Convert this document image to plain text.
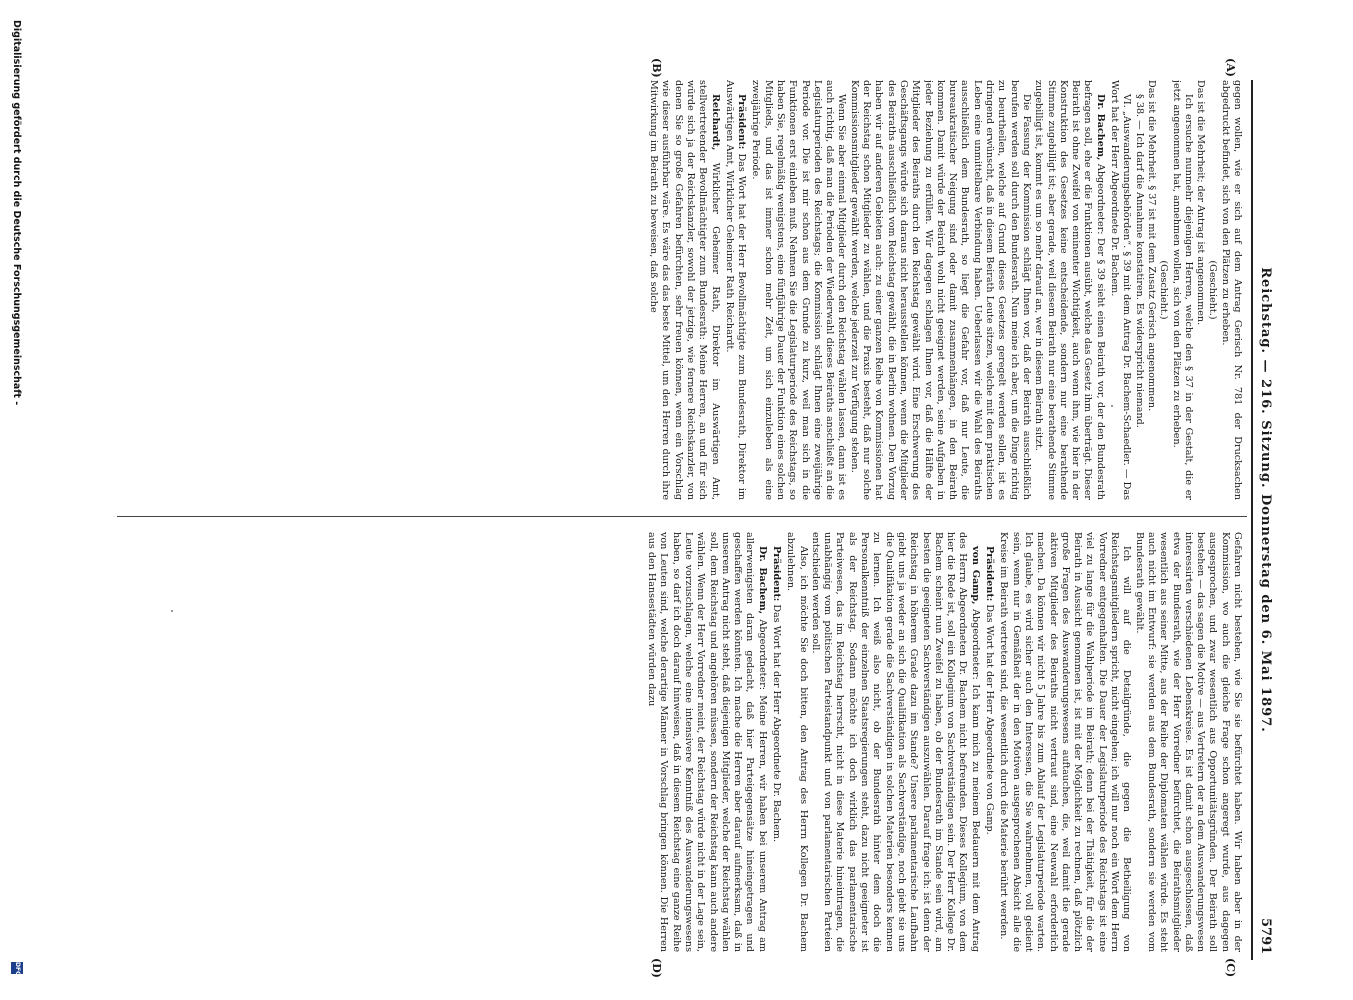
Reichstag. — 216. Sitzung. Donnerstag den 6. Mai 1897.
5791
(A)
(B)
(C)
(D)

gegen wollen, wie er sich auf dem Antrag Gerisch Nr. 781 der Drucksachen abgedruckt befindet, sich von den Plätzen zu erheben.

(Geschieht.)

Das ist die Mehrheit; der Antrag ist angenommen.

Ich ersuche nunmehr diejenigen Herren, welche den § 37 in der Gestalt, die er jetzt angenommen hat, annehmen wollen, sich von den Plätzen zu erheben.

(Geschieht.)

Das ist die Mehrheit. § 37 ist mit dem Zusatz Gerisch angenommen.

§ 38. — Ich darf die Annahme konstatiren. Es widerspricht niemand.

VI. „Auswanderungsbehörden“. § 39 mit dem Antrag Dr. Bachem-Schaedler. — Das Wort hat der Herr Abgeordnete Dr. Bachem.

Dr. Bachem, Abgeordneter: Der § 39 sieht einen Beirath vor, der den Bundesrath befragen soll, ehe er die Funktionen ausübt, welche das Gesetz ihm überträgt. Dieser Beirath ist ohne Zweifel von eminenter Wichtigkeit, auch wenn ihm, wie hier in der Konstruktion des Gesetzes keine entscheidende, sondern nur eine berathende Stimme zugebilligt ist; aber gerade, weil diesem Beirath nur eine berathende Stimme zugebilligt ist, kommt es um so mehr darauf an, wer in diesem Beirath sitzt.

Die Fassung der Kommission schlägt Ihnen vor, daß der Beirath ausschließlich berufen werden soll durch den Bundesrath. Nun meine ich aber, um die Dinge richtig zu beurtheilen, welche auf Grund dieses Gesetzes geregelt werden sollen, ist es dringend erwünscht, daß in diesem Beirath Leute sitzen, welche mit dem praktischen Leben eine unmittelbare Verbindung haben. Ueberlassen wir die Wahl des Beiraths ausschließlich dem Bundesrath, so liegt die Gefahr vor, daß nur Leute, die bureaukratischer Neigung sind oder damit zusammenhängen, in den Beirath kommen. Damit würde der Beirath wohl nicht geeignet werden, seine Aufgaben in jeder Beziehung zu erfüllen. Wir dagegen schlagen Ihnen vor, daß die Hälfte der Mitglieder des Beiraths durch den Reichstag gewählt wird. Eine Erschwerung des Geschäftsgangs würde sich daraus nicht herausstellen können, wenn die Mitglieder des Beiraths ausschließlich vom Reichstag gewählt, die in Berlin wohnen. Den Vorzug haben wir auf anderen Gebieten auch: zu einer ganzen Reihe von Kommissionen hat der Reichstag schon Mitglieder zu wählen, und die Praxis besteht, daß nur solche Kommissionsmitglieder gewählt werden, welche jederzeit zur Verfügung stehen.

Wenn Sie aber einmal Mitglieder durch den Reichstag wählen lassen, dann ist es auch richtig, daß man die Perioden der Wiederwahl dieses Beiraths anschließt an die Legislaturperioden des Reichstags; die Kommission schlägt Ihnen eine zweijährige Periode vor. Die ist mir schon aus dem Grunde zu kurz, weil man sich in die Funktionen erst einleben muß. Nehmen Sie die Legislaturperiode des Reichstags, so haben Sie, regelmäßig wenigstens, eine fünfjährige Dauer der Funktion eines solchen Mitglieds, und das ist immer schon mehr Zeit, um sich einzuleben als eine zweijährige Periode.

Präsident: Das Wort hat der Herr Bevollmächtigte zum Bundesrath, Direktor im Auswärtigen Amt, Wirklicher Geheimer Rath Reichardt.

Reichardt, Wirklicher Geheimer Rath, Direktor im Auswärtigen Amt, stellvertretender Bevollmächtigter zum Bundesrath: Meine Herren, an und für sich würde sich ja der Reichskanzler, sowohl der jetzige, wie fernere Reichskanzler, von denen Sie so große Gefahren befürchten, sehr freuen können, wenn ein Vorschlag wie dieser ausführbar wäre. Es wäre das das beste Mittel, um den Herren durch ihre Mitwirkung im Beirath zu beweisen, daß solche

Gefahren nicht bestehen, wie Sie sie befürchtet haben. Wir haben aber in der Kommission, wo auch die gleiche Frage schon angeregt wurde, aus dagegen ausgesprochen, und zwar wesentlich aus Opportunitätsgründen. Der Beirath soll bestehen — das sagen die Motive — aus Vertretern der an dem Auswanderungswesen interessirten verschiedenen Lebenskreise. Es ist damit schon ausgeschlossen, daß etwa der Bundesrath, wie der Herr Vorredner befürchtet, die Beirathsmitglieder wesentlich aus seiner Mitte, aus der Reihe der Diplomaten wählen würde. Es steht auch nicht im Entwurf: sie werden aus dem Bundesrath, sondern sie werden vom Bundesrath gewählt.

Ich will auf die Detailgründe, die gegen die Betheiligung von Reichstagsmitgliedern spricht, nicht eingehen; ich will nur noch ein Wort dem Herrn Vorredner entgegenhalten. Die Dauer der Legislaturperiode des Reichstags ist eine viel zu lange für die Wahlperiode im Beirath; denn bei der Thätigkeit, für die der Beirath in Aussicht genommen ist, ist mit der Möglichkeit zu rechnen, daß plötzlich große Fragen des Auswanderungswesens auftauchen, die, weil damit die gerade aktiven Mitglieder des Beiraths nicht vertraut sind, eine Neuwahl erforderlich machen. Da können wir nicht 5 Jahre bis zum Ablauf der Legislaturperiode warten. Ich glaube, es wird sicher auch den Interessen, die Sie wahrnehmen, voll gedient sein, wenn nur in Gemäßheit der in den Motiven ausgesprochenen Absicht alle die Kreise im Beirath vertreten sind, die wesentlich durch die Materie berührt werden.

Präsident: Das Wort hat der Herr Abgeordnete von Gamp.

von Gamp, Abgeordneter: Ich kann mich zu meinem Bedauern mit dem Antrag des Herrn Abgeordneten Dr. Bachem nicht befreunden. Dieses Kollegium, von dem hier die Rede ist, soll ein Kollegium von Sachverständigen sein. Der Herr Kollege Dr. Bachem scheint nun Zweifel zu haben, ob der Bundesrath im Stande sein wird, am besten die geeigneten Sachverständigen auszuwählen. Darauf frage ich: ist denn der Reichstag in höherem Grade dazu im Stande? Unsere parlamentarische Laufbahn giebt uns ja weder an sich die Qualifikation als Sachverständige, noch giebt sie uns die Qualifikation gerade die Sachverständigen in solchen Materien besonders kennen zu lernen. Ich weiß also nicht, ob der Bundesrath hinter dem doch die Personalkenntniß der einzelnen Staatsregierungen steht, dazu nicht geeigneter ist als der Reichstag. Sodann möchte ich doch wirklich das parlamentarische Parteiwesen, das im Reichstag herrscht, nicht in diese Materie hineintragen, die unabhängig vom politischen Parteistandpunkt und von parlamentarischen Parteien entschieden werden soll.

Also, ich möchte Sie doch bitten, den Antrag des Herrn Kollegen Dr. Bachem abzulehnen.

Präsident: Das Wort hat der Herr Abgeordnete Dr. Bachem.

Dr. Bachem, Abgeordneter: Meine Herren, wir haben bei unserem Antrag am allerwenigsten daran gedacht, daß hier Parteigegensätze hineingetragen und geschaffen werden könnten. Ich mache die Herren aber darauf aufmerksam, daß in unserem Antrag nicht steht, daß diejenigen Mitglieder, welche der Reichstag wählen soll, dem Reichstag und angehören müssen, sondern der Reichstag kann auch andere wählen. Wenn der Herr Vorredner meint, der Reichstag würde nicht in der Lage sein, Leute vorzuschlagen, welche eine intensivere Kenntniß des Auswanderungswesens haben, so darf ich doch darauf hinweisen, daß in diesem Reichstag eine ganze Reihe von Leuten sind, welche derartige Männer in Vorschlag bringen können. Die Herren aus den Hansestädten würden dazu

Digitalisierung gefördert durch die Deutsche Forschungsgemeinschaft -
DFG
